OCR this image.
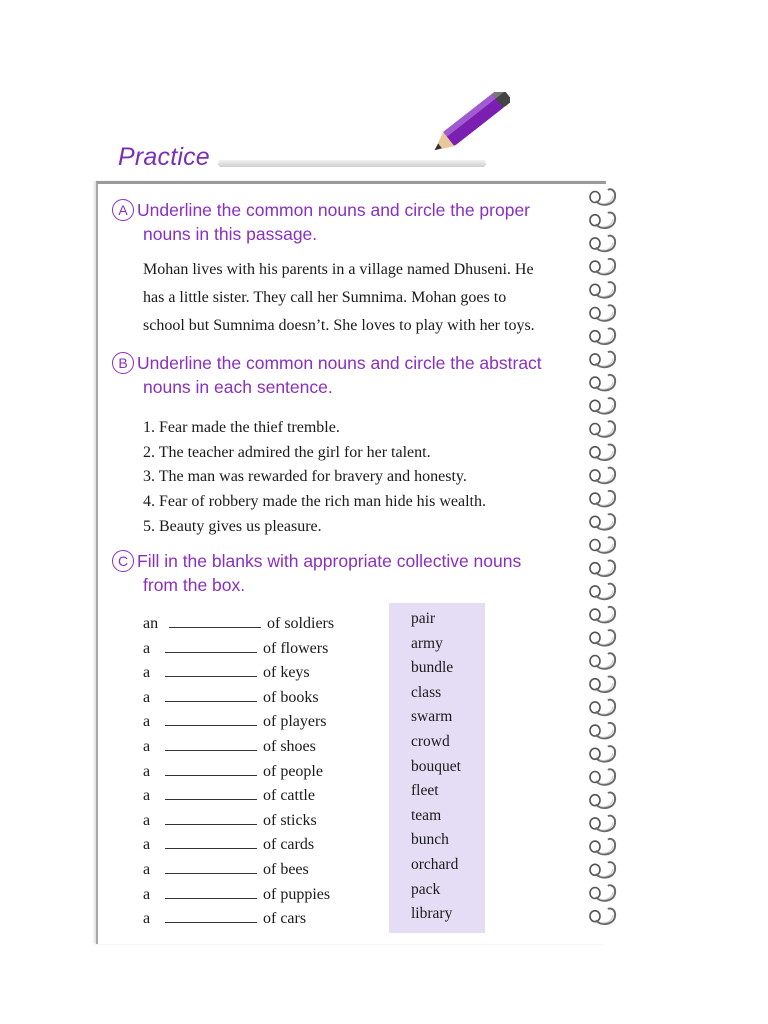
Practice
A Underline the common nouns and circle the proper
nouns in this passage.
Mohan lives with his parents in a village named Dhuseni. He
has a little sister. They call her Sumnima. Mohan goes to
school but Sumnima doesn’t. She loves to play with her toys.
B Underline the common nouns and circle the abstract
nouns in each sentence.
1. Fear made the thief tremble.
2. The teacher admired the girl for her talent.
3. The man was rewarded for bravery and honesty.
4. Fear of robbery made the rich man hide his wealth.
5. Beauty gives us pleasure.
C Fill in the blanks with appropriate collective nouns
from the box.
pair
army
bundle
class
swarm
crowd
bouquet
fleet
team
bunch
orchard
pack
library
an	of soldiers
a	of flowers
a	of keys
a	of books
a	of players
a	of shoes
a	of people
a	of cattle
a	of sticks
a	of cards
a	of bees
a	of puppies
a	of cars
